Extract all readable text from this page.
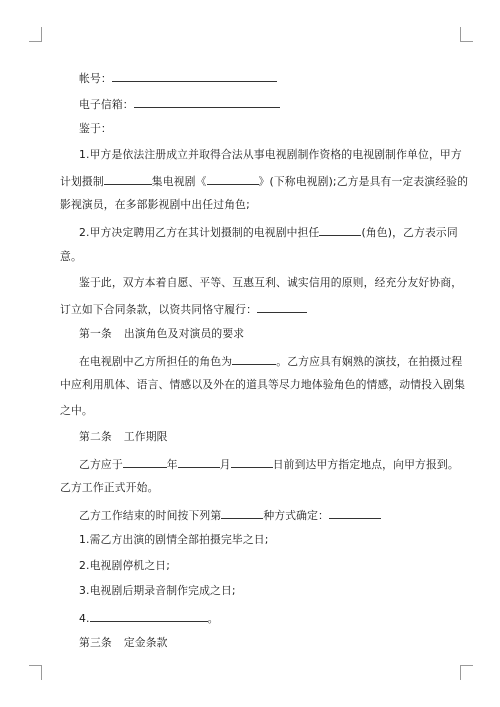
帐号：
电子信箱：
鉴于：
1.甲方是依法注册成立并取得合法从事电视剧制作资格的电视剧制作单位，甲方
计划摄制	集电视剧《	》(下称电视剧);乙方是具有一定表演经验的
影视演员，在多部影视剧中出任过角色;
2.甲方决定聘用乙方在其计划摄制的电视剧中担任	(角色)，乙方表示同
意。
鉴于此，双方本着自愿、平等、互惠互利、诚实信用的原则，经充分友好协商，
订立如下合同条款，以资共同恪守履行：
第一条 出演角色及对演员的要求
在电视剧中乙方所担任的角色为	。乙方应具有娴熟的演技，在拍摄过程
中应利用肌体、语言、情感以及外在的道具等尽力地体验角色的情感，动情投入剧集
之中。
第二条 工作期限
乙方应于	年	月	日前到达甲方指定地点，向甲方报到。
乙方工作正式开始。
乙方工作结束的时间按下列第	种方式确定：
1.需乙方出演的剧情全部拍摄完毕之日;
2.电视剧停机之日;
3.电视剧后期录音制作完成之日;
4.	。
第三条 定金条款
